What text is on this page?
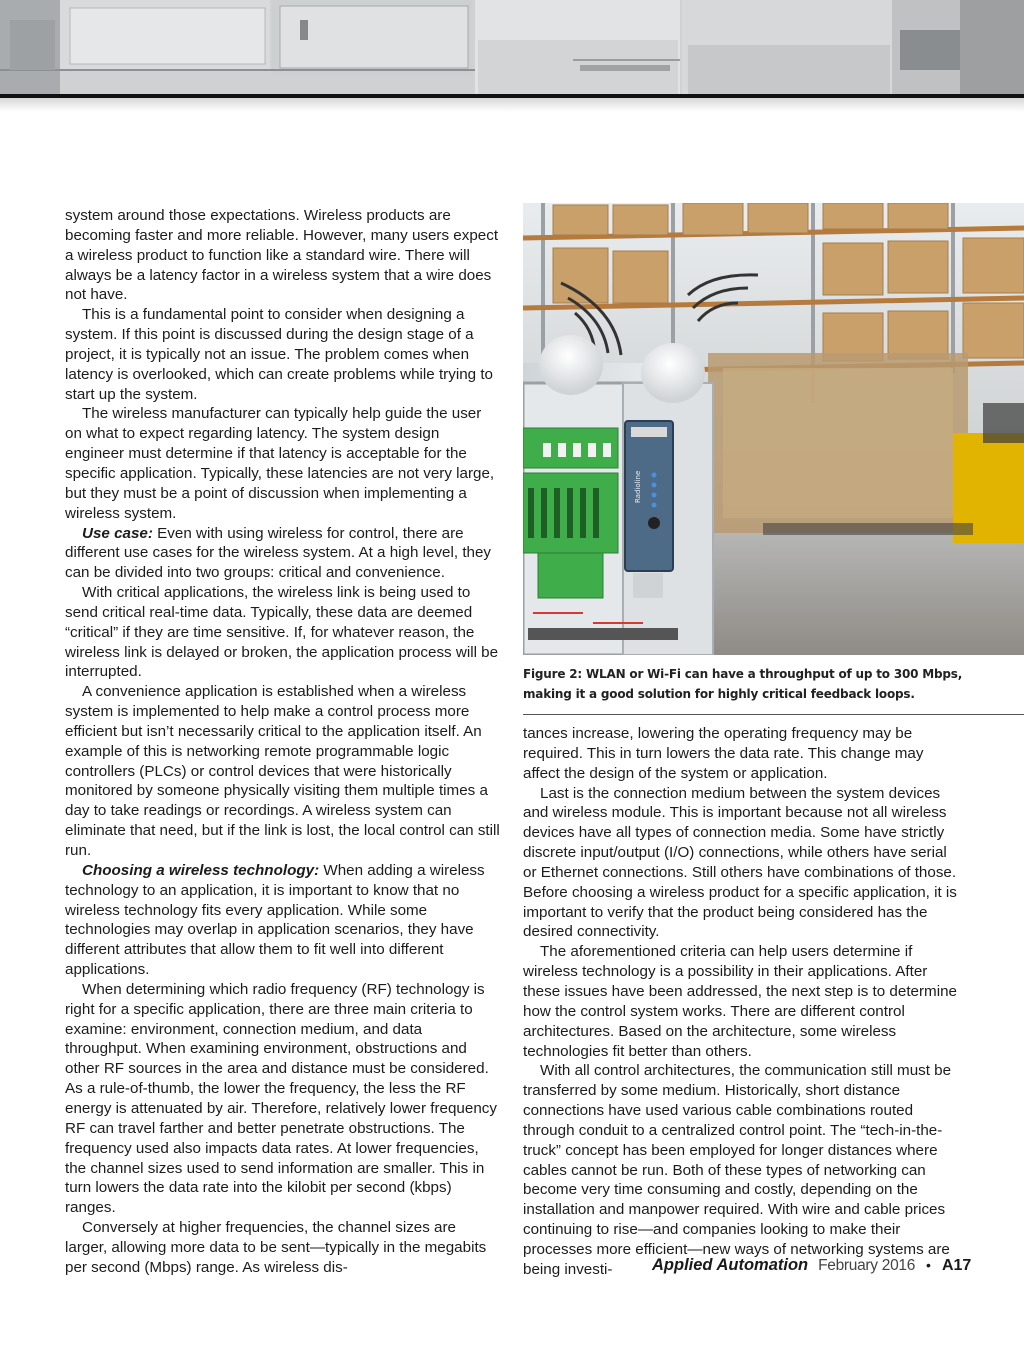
system around those expectations. Wireless products are becoming faster and more reliable. However, many users expect a wireless product to function like a standard wire. There will always be a latency factor in a wireless system that a wire does not have.

This is a fundamental point to consider when designing a system. If this point is discussed during the design stage of a project, it is typically not an issue. The problem comes when latency is overlooked, which can create problems while trying to start up the system.

The wireless manufacturer can typically help guide the user on what to expect regarding latency. The system design engineer must determine if that latency is acceptable for the specific application. Typically, these latencies are not very large, but they must be a point of discussion when implementing a wireless system.

Use case: Even with using wireless for control, there are different use cases for the wireless system. At a high level, they can be divided into two groups: critical and convenience.

With critical applications, the wireless link is being used to send critical real-time data. Typically, these data are deemed “critical” if they are time sensitive. If, for whatever reason, the wireless link is delayed or broken, the application process will be interrupted.

A convenience application is established when a wireless system is implemented to help make a control process more efficient but isn’t necessarily critical to the application itself. An example of this is networking remote programmable logic controllers (PLCs) or control devices that were historically monitored by someone physically visiting them multiple times a day to take readings or recordings. A wireless system can eliminate that need, but if the link is lost, the local control can still run.

Choosing a wireless technology: When adding a wireless technology to an application, it is important to know that no wireless technology fits every application. While some technologies may overlap in application scenarios, they have different attributes that allow them to fit well into different applications.

When determining which radio frequency (RF) technology is right for a specific application, there are three main criteria to examine: environment, connection medium, and data throughput. When examining environment, obstructions and other RF sources in the area and distance must be considered. As a rule-of-thumb, the lower the frequency, the less the RF energy is attenuated by air. Therefore, relatively lower frequency RF can travel farther and better penetrate obstructions. The frequency used also impacts data rates. At lower frequencies, the channel sizes used to send information are smaller. This in turn lowers the data rate into the kilobit per second (kbps) ranges.

Conversely at higher frequencies, the channel sizes are larger, allowing more data to be sent—typically in the megabits per second (Mbps) range. As wireless dis-

Radioline
Figure 2: WLAN or Wi-Fi can have a throughput of up to 300 Mbps, making it a good solution for highly critical feedback loops.

tances increase, lowering the operating frequency may be required. This in turn lowers the data rate. This change may affect the design of the system or application.

Last is the connection medium between the system devices and wireless module. This is important because not all wireless devices have all types of connection media. Some have strictly discrete input/output (I/O) connections, while others have serial or Ethernet connections. Still others have combinations of those. Before choosing a wireless product for a specific application, it is important to verify that the product being considered has the desired connectivity.

The aforementioned criteria can help users determine if wireless technology is a possibility in their applications. After these issues have been addressed, the next step is to determine how the control system works. There are different control architectures. Based on the architecture, some wireless technologies fit better than others.

With all control architectures, the communication still must be transferred by some medium. Historically, short distance connections have used various cable combinations routed through conduit to a centralized control point. The “tech-in-the-truck” concept has been employed for longer distances where cables cannot be run. Both of these types of networking can become very time consuming and costly, depending on the installation and manpower required. With wire and cable prices continuing to rise—and companies looking to make their processes more efficient—new ways of networking systems are being investi-	Applied Automation February 2016 • A17
